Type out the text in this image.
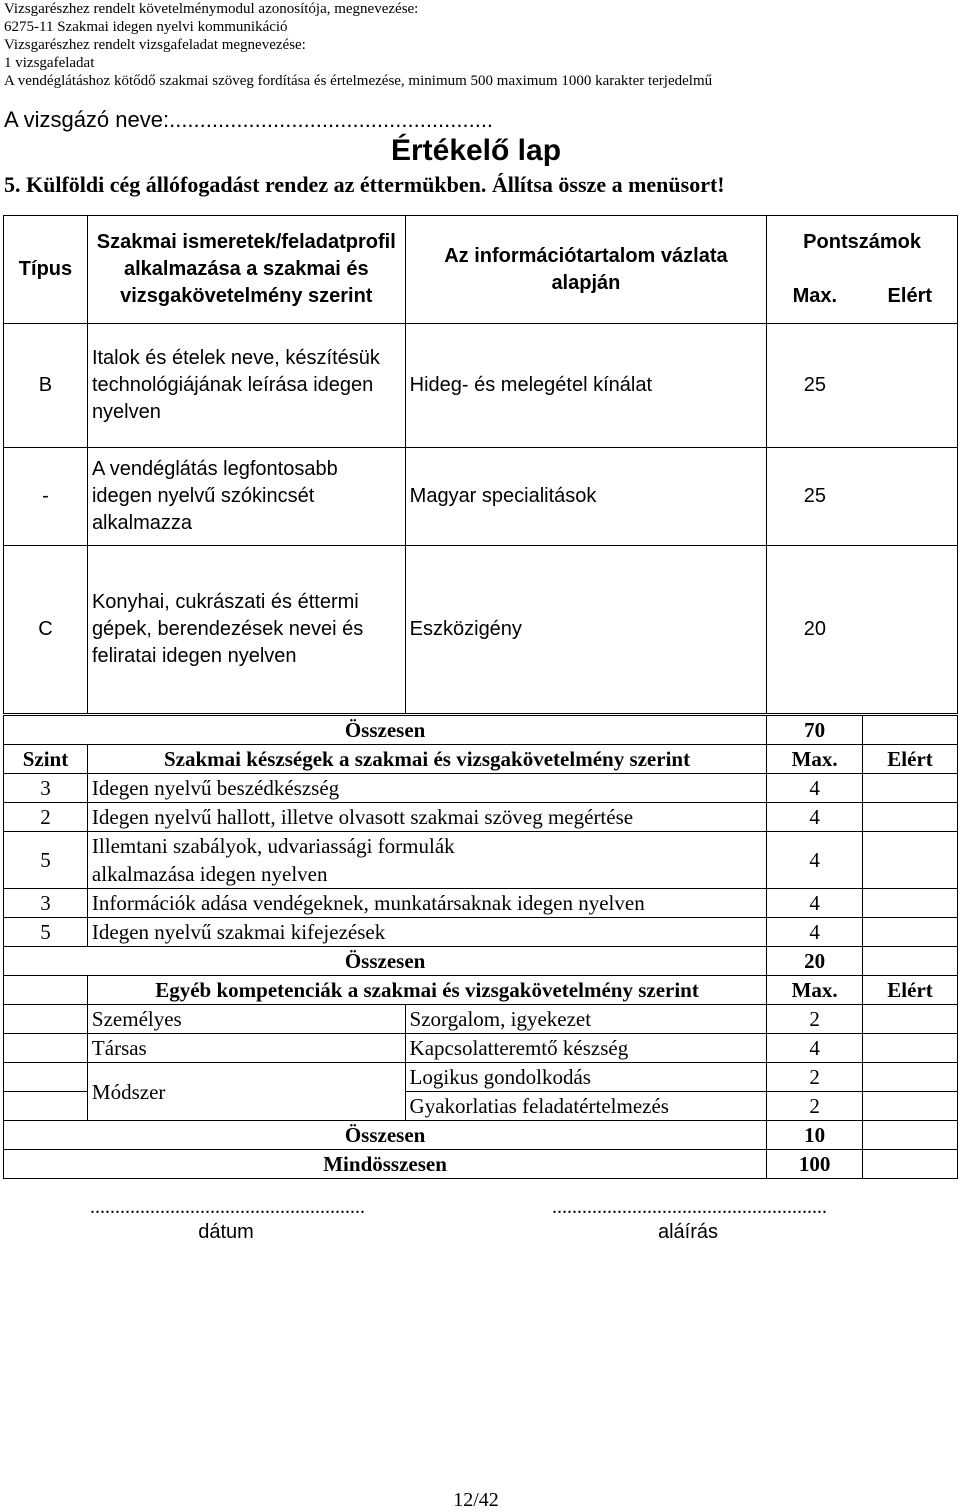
Vizsgarészhez rendelt követelménymodul azonosítója, megnevezése:
6275-11 Szakmai idegen nyelvi kommunikáció
Vizsgarészhez rendelt vizsgafeladat megnevezése:
1 vizsgafeladat
A vendéglátáshoz kötődő szakmai szöveg fordítása és értelmezése, minimum 500 maximum 1000 karakter terjedelmű
A vizsgázó neve:.....................................................
Értékelő lap
5. Külföldi cég állófogadást rendez az éttermükben. Állítsa össze a menüsort!
Típus	Szakmai ismeretek/feladatprofil alkalmazása a szakmai és vizsgakövetelmény szerint	Az információtartalom vázlata alapján	Pontszámok	
			Max.	Elért
B	Italok és ételek neve, készítésük technológiájának leírása idegen nyelven	Hideg- és melegétel kínálat	25	
-	A vendéglátás legfontosabb idegen nyelvű szókincsét alkalmazza	Magyar specialitások	25	
C	Konyhai, cukrászati és éttermi gépek, berendezések nevei és feliratai idegen nyelven	Eszközigény	20	
Összesen			70	
Szint	Szakmai készségek a szakmai és vizsgakövetelmény szerint		Max.	Elért
3	Idegen nyelvű beszédkészség		4	
2	Idegen nyelvű hallott, illetve olvasott szakmai szöveg megértése		4	
5	Illemtani szabályok, udvariassági formulák alkalmazása idegen nyelven		4	
3	Információk adása vendégeknek, munkatársaknak idegen nyelven		4	
5	Idegen nyelvű szakmai kifejezések		4	
Összesen			20	
	Egyéb kompetenciák a szakmai és vizsgakövetelmény szerint		Max.	Elért
	Személyes	Szorgalom, igyekezet	2	
	Társas	Kapcsolatteremtő készség	4	
	Módszer	Logikus gondolkodás	2	
		Gyakorlatias feladatértelmezés	2	
Összesen			10	
Mindösszesen			100	
.......................................................
dátum
.......................................................
aláírás
12/42
